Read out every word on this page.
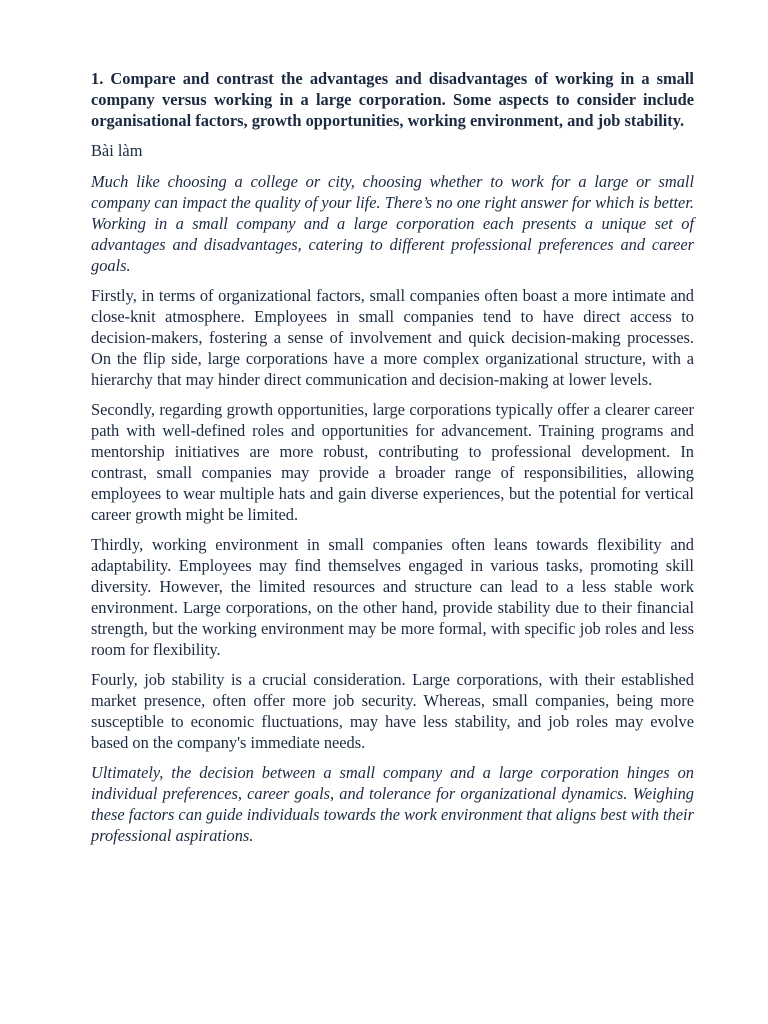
1. Compare and contrast the advantages and disadvantages of working in a small company versus working in a large corporation. Some aspects to consider include organisational factors, growth opportunities, working environment, and job stability.

Bài làm

Much like choosing a college or city, choosing whether to work for a large or small company can impact the quality of your life. There’s no one right answer for which is better. Working in a small company and a large corporation each presents a unique set of advantages and disadvantages, catering to different professional preferences and career goals.

Firstly, in terms of organizational factors, small companies often boast a more intimate and close-knit atmosphere. Employees in small companies tend to have direct access to decision-makers, fostering a sense of involvement and quick decision-making processes. On the flip side, large corporations have a more complex organizational structure, with a hierarchy that may hinder direct communication and decision-making at lower levels.

Secondly, regarding growth opportunities, large corporations typically offer a clearer career path with well-defined roles and opportunities for advancement. Training programs and mentorship initiatives are more robust, contributing to professional development. In contrast, small companies may provide a broader range of responsibilities, allowing employees to wear multiple hats and gain diverse experiences, but the potential for vertical career growth might be limited.

Thirdly, working environment in small companies often leans towards flexibility and adaptability. Employees may find themselves engaged in various tasks, promoting skill diversity. However, the limited resources and structure can lead to a less stable work environment. Large corporations, on the other hand, provide stability due to their financial strength, but the working environment may be more formal, with specific job roles and less room for flexibility.

Fourly, job stability is a crucial consideration. Large corporations, with their established market presence, often offer more job security. Whereas, small companies, being more susceptible to economic fluctuations, may have less stability, and job roles may evolve based on the company's immediate needs.

Ultimately, the decision between a small company and a large corporation hinges on individual preferences, career goals, and tolerance for organizational dynamics. Weighing these factors can guide individuals towards the work environment that aligns best with their professional aspirations.
